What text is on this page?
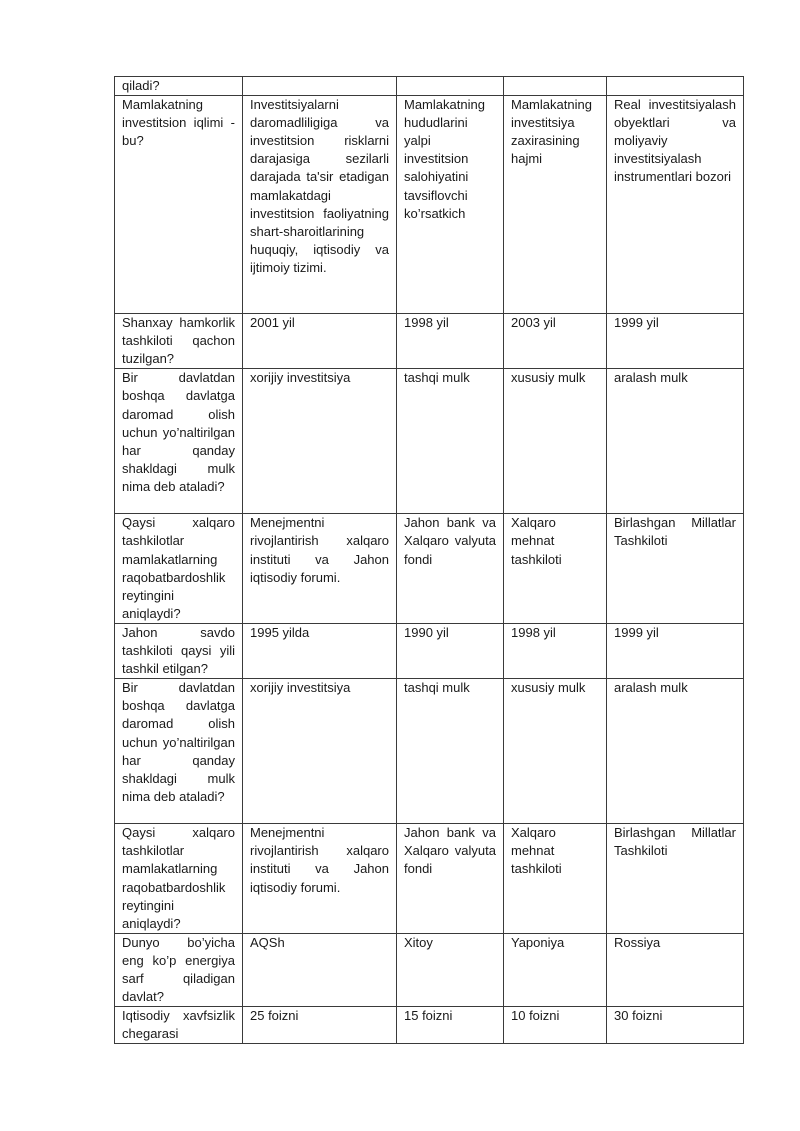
qiladi?				
Mamlakatning investitsion iqlimi - bu?	Investitsiyalarni daromadliligiga va investitsion risklarni darajasiga sezilarli darajada ta'sir etadigan mamlakatdagi investitsion faoliyatning shart-sharoitlarining huquqiy, iqtisodiy va ijtimoiy tizimi.	Mamlakatning hududlarini yalpi investitsion salohiyatini tavsiflovchi ko’rsatkich	Mamlakatning investitsiya zaxirasining hajmi	Real investitsiyalash obyektlari va moliyaviy investitsiyalash instrumentlari bozori
Shanxay hamkorlik tashkiloti qachon tuzilgan?	2001 yil	1998 yil	2003 yil	1999 yil
Bir davlatdan boshqa davlatga daromad olish uchun yo’naltirilgan har qanday shakldagi mulk nima deb ataladi?	xorijiy investitsiya	tashqi mulk	xususiy mulk	aralash mulk
Qaysi xalqaro tashkilotlar mamlakatlarning raqobatbardoshlik reytingini aniqlaydi?	Menejmentni rivojlantirish xalqaro instituti va Jahon iqtisodiy forumi.	Jahon bank va Xalqaro valyuta fondi	Xalqaro mehnat tashkiloti	Birlashgan Millatlar Tashkiloti
Jahon savdo tashkiloti qaysi yili tashkil etilgan?	1995 yilda	1990 yil	1998 yil	1999 yil
Bir davlatdan boshqa davlatga daromad olish uchun yo’naltirilgan har qanday shakldagi mulk nima deb ataladi?	xorijiy investitsiya	tashqi mulk	xususiy mulk	aralash mulk
Qaysi xalqaro tashkilotlar mamlakatlarning raqobatbardoshlik reytingini aniqlaydi?	Menejmentni rivojlantirish xalqaro instituti va Jahon iqtisodiy forumi.	Jahon bank va Xalqaro valyuta fondi	Xalqaro mehnat tashkiloti	Birlashgan Millatlar Tashkiloti
Dunyo bo’yicha eng ko’p energiya sarf qiladigan davlat?	AQSh	Xitoy	Yaponiya	Rossiya
Iqtisodiy xavfsizlik chegarasi	25 foizni	15 foizni	10 foizni	30 foizni
